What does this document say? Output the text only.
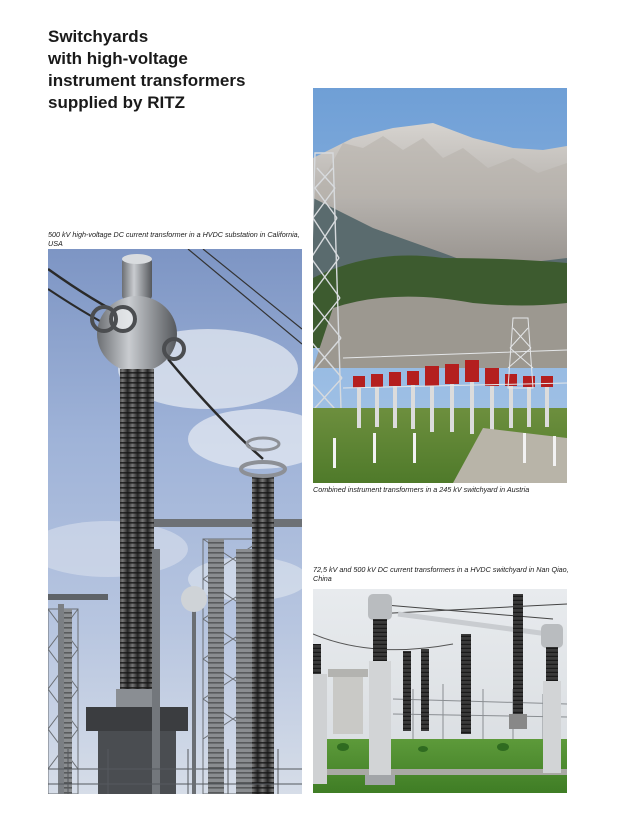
Switchyards
with high-voltage
instrument transformers
supplied by RITZ
500 kV high-voltage DC current transformer in a HVDC substation in California, USA
Combined instrument transformers in a 245 kV switchyard in Austria
72,5 kV and 500 kV DC current transformers in a HVDC switchyard in Nan Qiao, China
